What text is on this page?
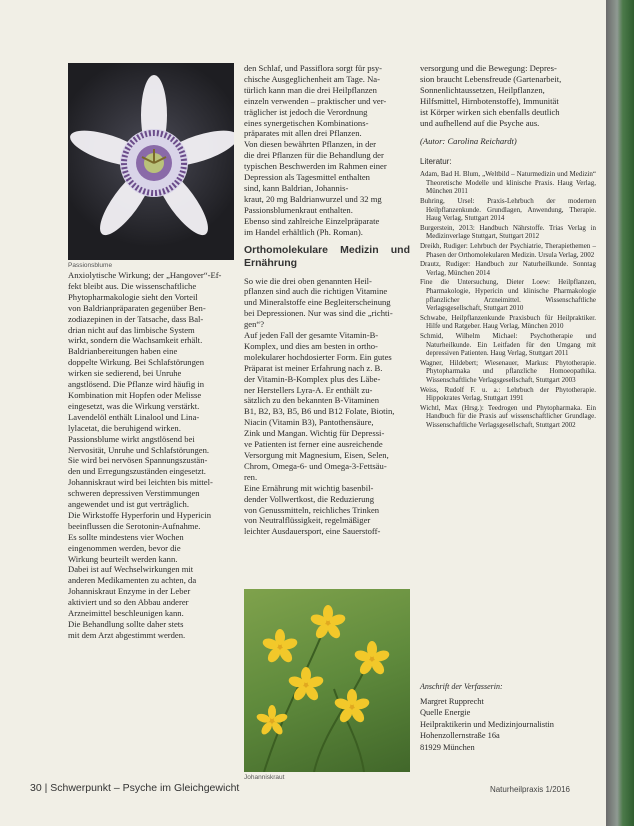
Passionsblume
Anxiolytische Wirkung; der „Hangover“-Ef-
fekt bleibt aus. Die wissenschaftliche
Phytopharmakologie sieht den Vorteil
von Baldrianpräparaten gegenüber Ben-
zodiazepinen in der Tatsache, dass Bal-
drian nicht auf das limbische System
wirkt, sondern die Wachsamkeit erhält.
Baldrianbereitungen haben eine
doppelte Wirkung. Bei Schlafstörungen
wirken sie sedierend, bei Unruhe
angstlösend. Die Pflanze wird häufig in
Kombination mit Hopfen oder Melisse
eingesetzt, was die Wirkung verstärkt.
Lavendelöl enthält Linalool und Lina-
lylacetat, die beruhigend wirken.
Passionsblume wirkt angstlösend bei
Nervosität, Unruhe und Schlafstörungen.
Sie wird bei nervösen Spannungszustän-
den und Erregungszuständen eingesetzt.
Johanniskraut wird bei leichten bis mittel-
schweren depressiven Verstimmungen
angewendet und ist gut verträglich.
Die Wirkstoffe Hyperforin und Hypericin
beeinflussen die Serotonin-Aufnahme.
Es sollte mindestens vier Wochen
eingenommen werden, bevor die
Wirkung beurteilt werden kann.
Dabei ist auf Wechselwirkungen mit
anderen Medikamenten zu achten, da
Johanniskraut Enzyme in der Leber
aktiviert und so den Abbau anderer
Arzneimittel beschleunigen kann.
Die Behandlung sollte daher stets
mit dem Arzt abgestimmt werden.
den Schlaf, und Passiflora sorgt für psy-
chische Ausgeglichenheit am Tage. Na-
türlich kann man die drei Heilpflanzen
einzeln verwenden – praktischer und ver-
träglicher ist jedoch die Verordnung
eines synergetischen Kombinations-
präparates mit allen drei Pflanzen.
Von diesen bewährten Pflanzen, in der
die drei Pflanzen für die Behandlung der
typischen Beschwerden im Rahmen einer
Depression als Tagesmittel enthalten
sind, kann Baldrian, Johannis-
kraut, 20 mg Baldrianwurzel und 32 mg
Passionsblumenkraut enthalten.
Ebenso sind zahlreiche Einzelpräparate
im Handel erhältlich (Ph. Roman).
Orthomolekulare Medizin und Ernährung
So wie die drei oben genannten Heil-
pflanzen sind auch die richtigen Vitamine
und Mineralstoffe eine Begleiterscheinung
bei Depressionen. Nur was sind die „richti-
gen“?
Auf jeden Fall der gesamte Vitamin-B-
Komplex, und dies am besten in ortho-
molekularer hochdosierter Form. Ein gutes
Präparat ist meiner Erfahrung nach z. B.
der Vitamin-B-Komplex plus des Läbe-
ner Herstellers Lyra-A. Er enthält zu-
sätzlich zu den bekannten B-Vitaminen
B1, B2, B3, B5, B6 und B12 Folate, Biotin,
Niacin (Vitamin B3), Pantothensäure,
Zink und Mangan. Wichtig für Depressi-
ve Patienten ist ferner eine ausreichende
Versorgung mit Magnesium, Eisen, Selen,
Chrom, Omega-6- und Omega-3-Fettsäu-
ren.
Eine Ernährung mit wichtig basenbil-
dender Vollwertkost, die Reduzierung
von Genussmitteln, reichliches Trinken
von Neutralflüssigkeit, regelmäßiger
leichter Ausdauersport, eine Sauerstoff-
Johanniskraut
versorgung und die Bewegung: Depres-
sion braucht Lebensfreude (Gartenarbeit,
Sonnenlichtaussetzen, Heilpflanzen,
Hilfsmittel, Hirnbotenstoffe), Immunität
ist Körper wirken sich ebenfalls deutlich
und aufhellend auf die Psyche aus.
(Autor: Carolina Reichardt)
Literatur:
Adam, Bad H. Blum, „Weltbild – Naturmedizin und Medizin“ Theoretische Modelle und klinische Praxis. Haug Verlag, München 2011
Buhring, Ursel: Praxis-Lehrbuch der modernen Heilpflanzenkunde. Grundlagen, Anwendung, Therapie. Haug Verlag, Stuttgart 2014
Burgerstein, 2013: Handbuch Nährstoffe. Trias Verlag in Medizinverlage Stuttgart, Stuttgart 2012
Dreikh, Rudiger: Lehrbuch der Psychiatrie, Therapiethemen – Phasen der Orthomolekularen Medizin. Ursula Verlag, 2002
Drautz, Rudiger: Handbuch zur Naturheilkunde. Sonntag Verlag, München 2014
Fine die Untersuchung, Dieter Loew: Heilpflanzen, Pharmakologie, Hypericin und klinische Pharmakologie pflanzlicher Arzneimittel. Wissenschaftliche Verlagsgesellschaft, Stuttgart 2010
Schwabe, Heilpflanzenkunde Praxisbuch für Heilpraktiker. Hilfe und Ratgeber. Haug Verlag, München 2010
Schmid, Wilhelm Michael: Psychotherapie und Naturheilkunde. Ein Leitfaden für den Umgang mit depressiven Patienten. Haug Verlag, Stuttgart 2011
Wagner, Hildebert; Wiesenauer, Markus: Phytotherapie. Phytopharmaka und pflanzliche Homoeopathika. Wissenschaftliche Verlagsgesellschaft, Stuttgart 2003
Weiss, Rudolf F. u. a.: Lehrbuch der Phytotherapie. Hippokrates Verlag, Stuttgart 1991
Wichtl, Max (Hrsg.): Teedrogen und Phytopharmaka. Ein Handbuch für die Praxis auf wissenschaftlicher Grundlage. Wissenschaftliche Verlagsgesellschaft, Stuttgart 2002
Anschrift der Verfasserin:
Margret Rupprecht
Quelle Energie
Heilpraktikerin und Medizinjournalistin
Hohenzollernstraße 16a
81929 München
30 | Schwerpunkt – Psyche im Gleichgewicht	Naturheilpraxis 1/2016
